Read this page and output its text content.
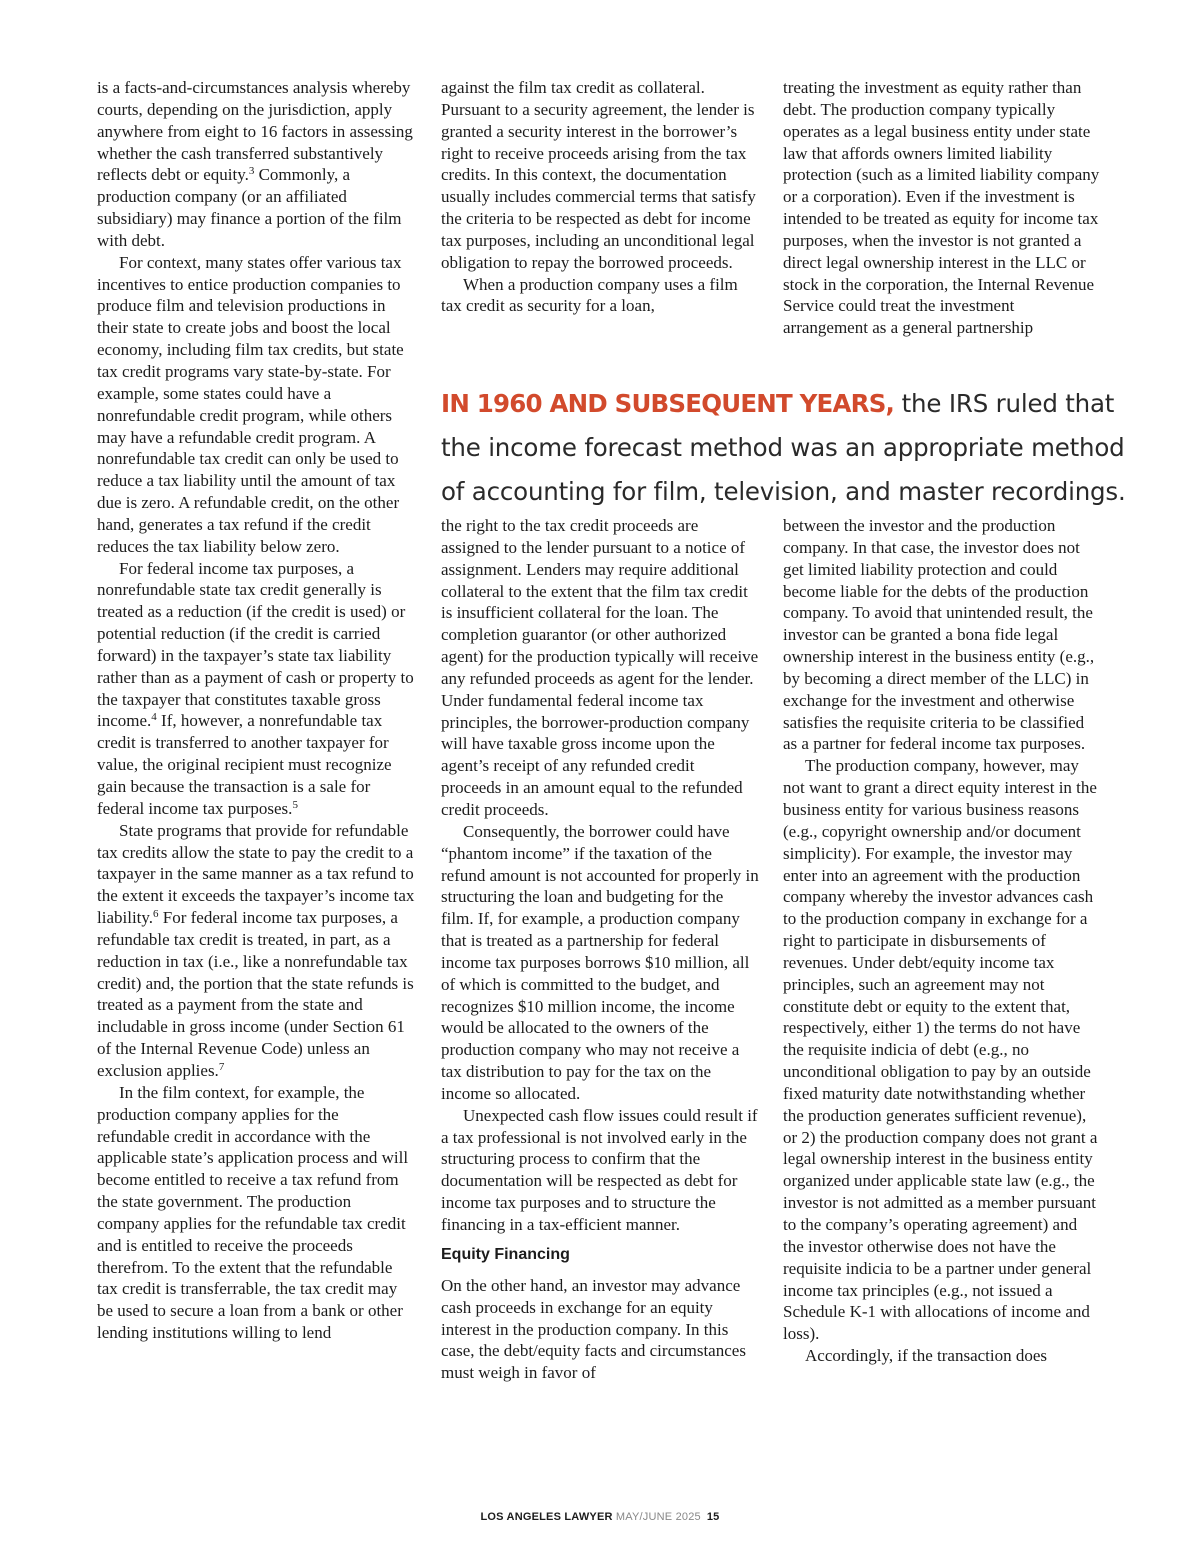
is a facts-and-circumstances analysis whereby courts, depending on the jurisdiction, apply anywhere from eight to 16 factors in assessing whether the cash transferred substantively reflects debt or equity.$^3$ Commonly, a production company (or an affiliated subsidiary) may finance a portion of the film with debt.

For context, many states offer various tax incentives to entice production companies to produce film and television productions in their state to create jobs and boost the local economy, including film tax credits, but state tax credit programs vary state-by-state. For example, some states could have a nonrefundable credit program, while others may have a refundable credit program. A nonrefundable tax credit can only be used to reduce a tax liability until the amount of tax due is zero. A refundable credit, on the other hand, generates a tax refund if the credit reduces the tax liability below zero.

For federal income tax purposes, a nonrefundable state tax credit generally is treated as a reduction (if the credit is used) or potential reduction (if the credit is carried forward) in the taxpayer’s state tax liability rather than as a payment of cash or property to the taxpayer that constitutes taxable gross income.$^4$ If, however, a nonrefundable tax credit is transferred to another taxpayer for value, the original recipient must recognize gain because the transaction is a sale for federal income tax purposes.$^5$

State programs that provide for refundable tax credits allow the state to pay the credit to a taxpayer in the same manner as a tax refund to the extent it exceeds the taxpayer’s income tax liability.$^6$ For federal income tax purposes, a refundable tax credit is treated, in part, as a reduction in tax (i.e., like a nonrefundable tax credit) and, the portion that the state refunds is treated as a payment from the state and includable in gross income (under Section 61 of the Internal Revenue Code) unless an exclusion applies.$^7$

In the film context, for example, the production company applies for the refundable credit in accordance with the applicable state’s application process and will become entitled to receive a tax refund from the state government. The production company applies for the refundable tax credit and is entitled to receive the proceeds therefrom. To the extent that the refundable tax credit is transferrable, the tax credit may be used to secure a loan from a bank or other lending institutions willing to lend

against the film tax credit as collateral. Pursuant to a security agreement, the lender is granted a security interest in the borrower’s right to receive proceeds arising from the tax credits. In this context, the documentation usually includes commercial terms that satisfy the criteria to be respected as debt for income tax purposes, including an unconditional legal obligation to repay the borrowed proceeds.

When a production company uses a film tax credit as security for a loan,

treating the investment as equity rather than debt. The production company typically operates as a legal business entity under state law that affords owners limited liability protection (such as a limited liability company or a corporation). Even if the investment is intended to be treated as equity for income tax purposes, when the investor is not granted a direct legal ownership interest in the LLC or stock in the corporation, the Internal Revenue Service could treat the investment arrangement as a general partnership

IN 1960 AND SUBSEQUENT YEARS, the IRS ruled that the income forecast method was an appropriate method of accounting for film, television, and master recordings.

the right to the tax credit proceeds are assigned to the lender pursuant to a notice of assignment. Lenders may require additional collateral to the extent that the film tax credit is insufficient collateral for the loan. The completion guarantor (or other authorized agent) for the production typically will receive any refunded proceeds as agent for the lender. Under fundamental federal income tax principles, the borrower-production company will have taxable gross income upon the agent’s receipt of any refunded credit proceeds in an amount equal to the refunded credit proceeds.

Consequently, the borrower could have “phantom income” if the taxation of the refund amount is not accounted for properly in structuring the loan and budgeting for the film. If, for example, a production company that is treated as a partnership for federal income tax purposes borrows $10 million, all of which is committed to the budget, and recognizes $10 million income, the income would be allocated to the owners of the production company who may not receive a tax distribution to pay for the tax on the income so allocated.

Unexpected cash flow issues could result if a tax professional is not involved early in the structuring process to confirm that the documentation will be respected as debt for income tax purposes and to structure the financing in a tax-efficient manner.

Equity Financing

On the other hand, an investor may advance cash proceeds in exchange for an equity interest in the production company. In this case, the debt/equity facts and circumstances must weigh in favor of

between the investor and the production company. In that case, the investor does not get limited liability protection and could become liable for the debts of the production company. To avoid that unintended result, the investor can be granted a bona fide legal ownership interest in the business entity (e.g., by becoming a direct member of the LLC) in exchange for the investment and otherwise satisfies the requisite criteria to be classified as a partner for federal income tax purposes.

The production company, however, may not want to grant a direct equity interest in the business entity for various business reasons (e.g., copyright ownership and/or document simplicity). For example, the investor may enter into an agreement with the production company whereby the investor advances cash to the production company in exchange for a right to participate in disbursements of revenues. Under debt/equity income tax principles, such an agreement may not constitute debt or equity to the extent that, respectively, either 1) the terms do not have the requisite indicia of debt (e.g., no unconditional obligation to pay by an outside fixed maturity date notwithstanding whether the production generates sufficient revenue), or 2) the production company does not grant a legal ownership interest in the business entity organized under applicable state law (e.g., the investor is not admitted as a member pursuant to the company’s operating agreement) and the investor otherwise does not have the requisite indicia to be a partner under general income tax principles (e.g., not issued a Schedule K-1 with allocations of income and loss).

Accordingly, if the transaction does

LOS ANGELES LAWYER MAY/JUNE 2025 15
